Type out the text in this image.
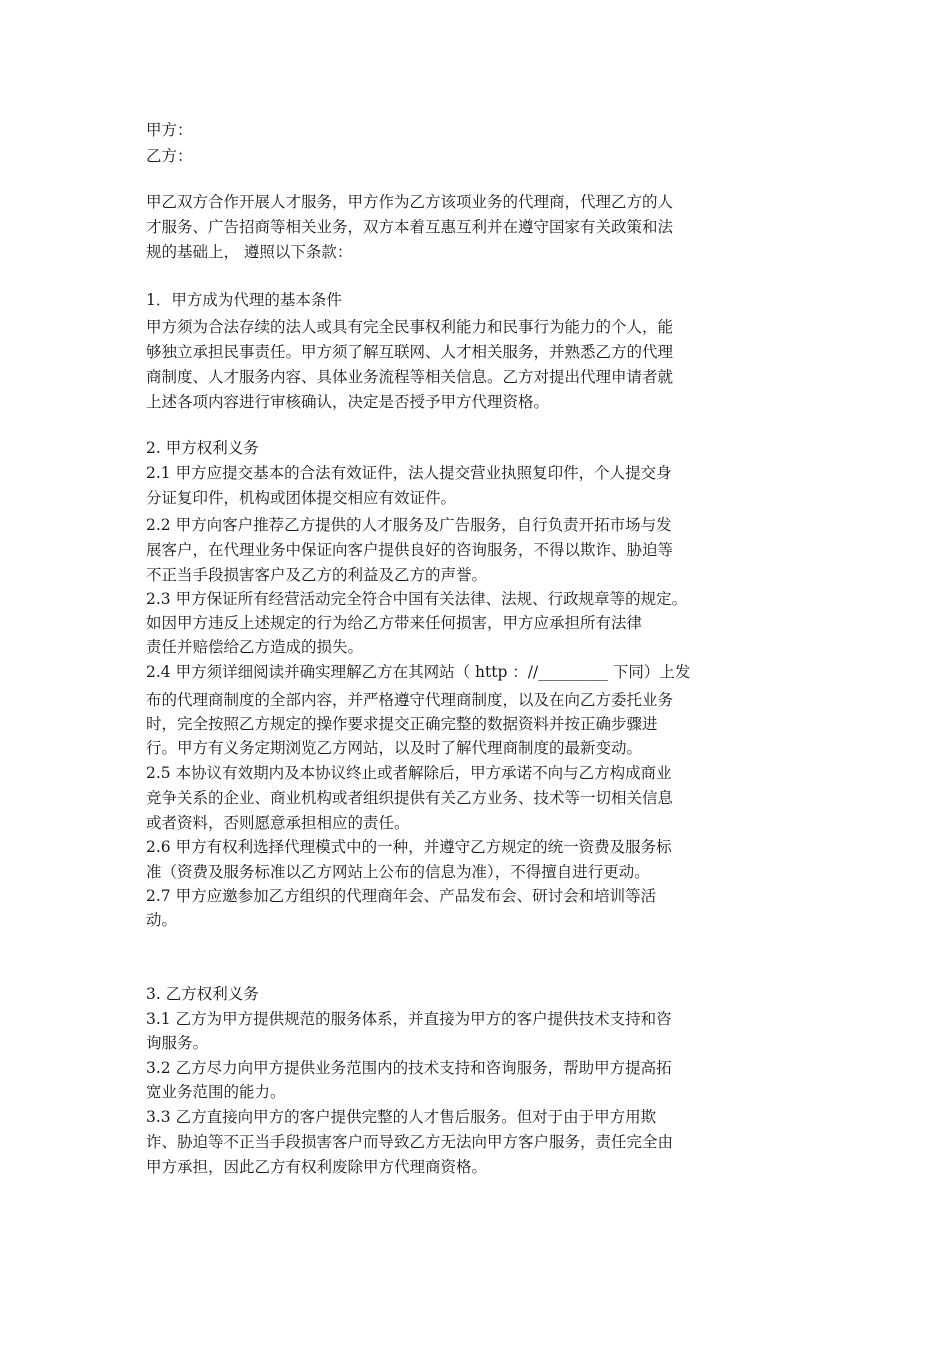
甲方：
乙方：
甲乙双方合作开展人才服务，甲方作为乙方该项业务的代理商，代理乙方的人
才服务、广告招商等相关业务，双方本着互惠互利并在遵守国家有关政策和法
规的基础上， 遵照以下条款：
1．甲方成为代理的基本条件
甲方须为合法存续的法人或具有完全民事权利能力和民事行为能力的个人，能
够独立承担民事责任。甲方须了解互联网、人才相关服务，并熟悉乙方的代理
商制度、人才服务内容、具体业务流程等相关信息。乙方对提出代理申请者就
上述各项内容进行审核确认，决定是否授予甲方代理资格。
2. 甲方权利义务
2.1 甲方应提交基本的合法有效证件，法人提交营业执照复印件，个人提交身
分证复印件，机构或团体提交相应有效证件。
2.2 甲方向客户推荐乙方提供的人才服务及广告服务，自行负责开拓市场与发
展客户，在代理业务中保证向客户提供良好的咨询服务，不得以欺诈、胁迫等
不正当手段损害客户及乙方的利益及乙方的声誉。
2.3 甲方保证所有经营活动完全符合中国有关法律、法规、行政规章等的规定。
如因甲方违反上述规定的行为给乙方带来任何损害，甲方应承担所有法律
责任并赔偿给乙方造成的损失。
2.4 甲方须详细阅读并确实理解乙方在其网站（ http ：//_________ 下同）上发
布的代理商制度的全部内容，并严格遵守代理商制度，以及在向乙方委托业务
时，完全按照乙方规定的操作要求提交正确完整的数据资料并按正确步骤进
行。甲方有义务定期浏览乙方网站，以及时了解代理商制度的最新变动。
2.5 本协议有效期内及本协议终止或者解除后，甲方承诺不向与乙方构成商业
竞争关系的企业、商业机构或者组织提供有关乙方业务、技术等一切相关信息
或者资料，否则愿意承担相应的责任。
2.6 甲方有权利选择代理模式中的一种，并遵守乙方规定的统一资费及服务标
准（资费及服务标准以乙方网站上公布的信息为准），不得擅自进行更动。
2.7 甲方应邀参加乙方组织的代理商年会、产品发布会、研讨会和培训等活
动。
3. 乙方权利义务
3.1 乙方为甲方提供规范的服务体系，并直接为甲方的客户提供技术支持和咨
询服务。
3.2 乙方尽力向甲方提供业务范围内的技术支持和咨询服务，帮助甲方提高拓
宽业务范围的能力。
3.3 乙方直接向甲方的客户提供完整的人才售后服务。但对于由于甲方用欺
诈、胁迫等不正当手段损害客户而导致乙方无法向甲方客户服务，责任完全由
甲方承担，因此乙方有权利废除甲方代理商资格。
